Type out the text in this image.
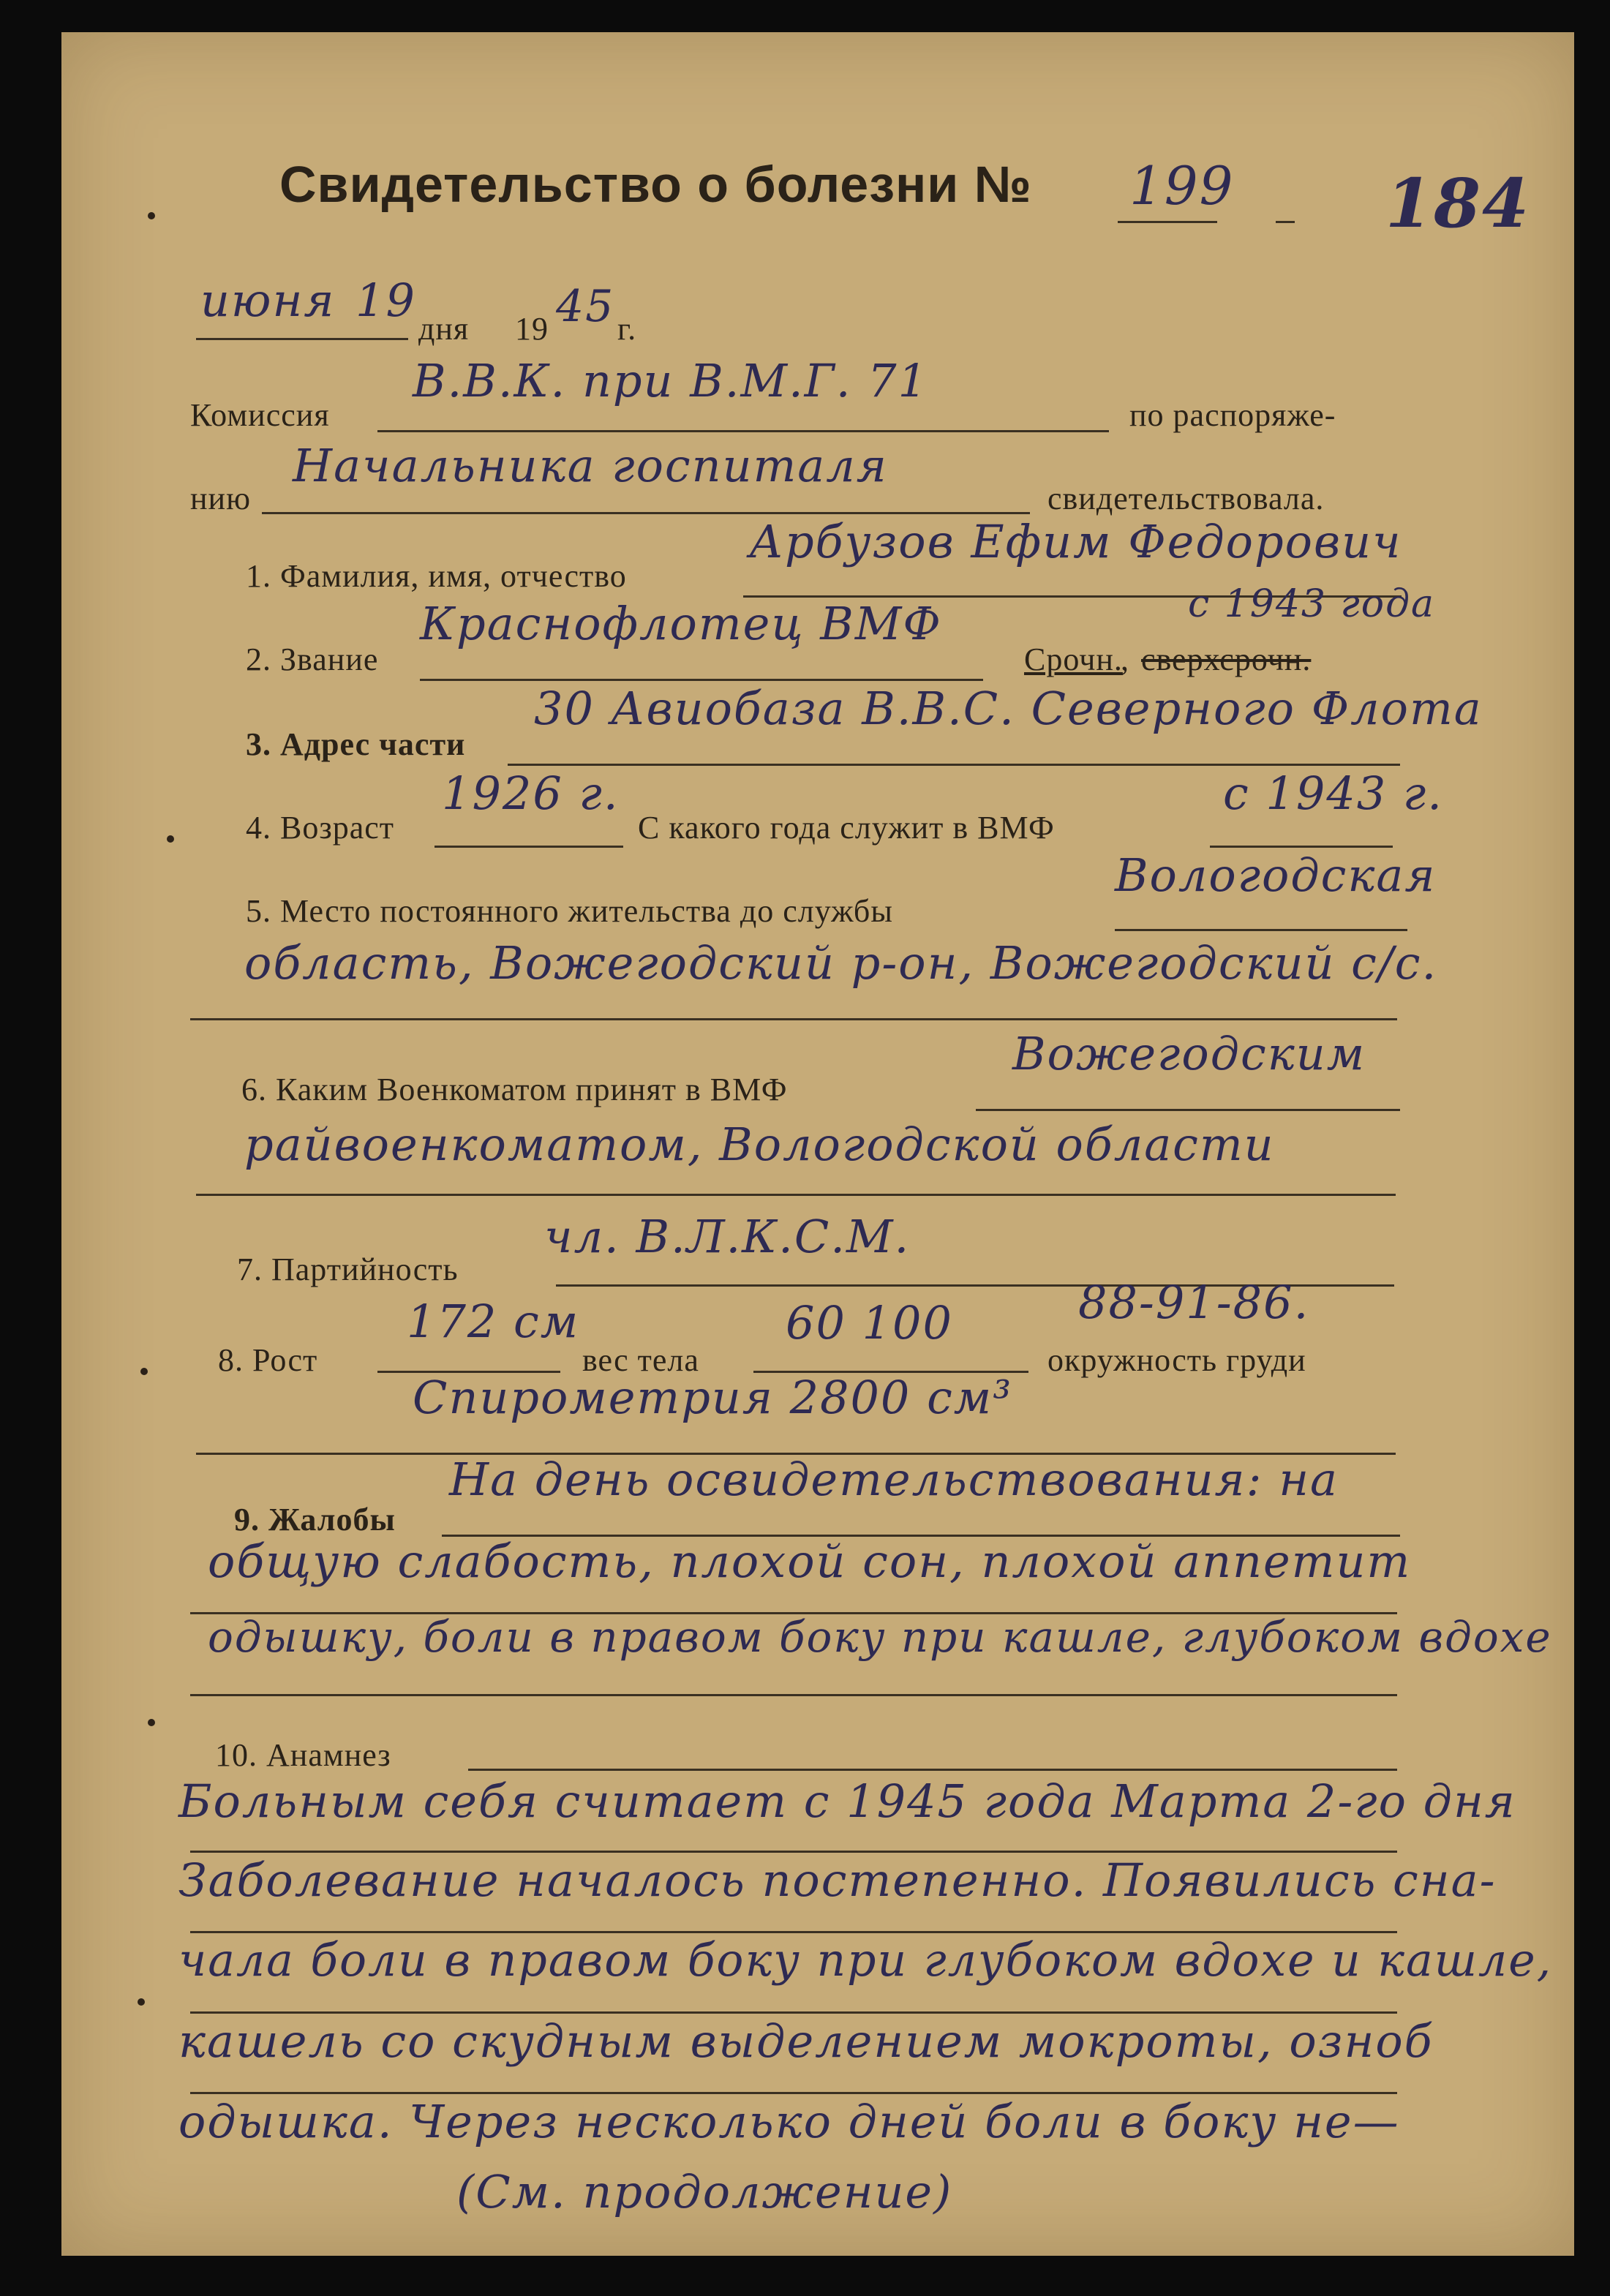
Свидетельство о болезни № 199 184
июня 19
дня 19 45 г.
Комиссия
В.В.К. при В.М.Г. 71
по распоряже-
нию
Начальника госпиталя
свидетельствовала.
1. Фамилия, имя, отчество
Арбузов Ефим Федорович
2. Звание
Краснофлотец ВМФ	с 1943 года
Срочн.
, сверхсрочн.
3. Адрес части
30 Авиобаза В.В.С. Северного Флота
4. Возраст
1926 г.
С какого года служит в ВМФ
с 1943 г.
5. Место постоянного жительства до службы
Вологодская
область, Вожегодский р-он, Вожегодский с/с.
6. Каким Военкоматом принят в ВМФ
Вожегодским
райвоенкоматом, Вологодской области
7. Партийность
чл. В.Л.К.С.М.
8. Рост
172 см
вес тела
60 100	88-91-86.
окружность груди
Спирометрия 2800 см³
9. Жалобы
На день освидетельствования: на
общую слабость, плохой сон, плохой аппетит
одышку, боли в правом боку при кашле, глубоком вдохе
10. Анамнез
Больным себя считает с 1945 года Марта 2-го дня
Заболевание началось постепенно. Появились сна-
чала боли в правом боку при глубоком вдохе и кашле,
кашель со скудным выделением мокроты, озноб
одышка. Через несколько дней боли в боку не—
(См. продолжение)
